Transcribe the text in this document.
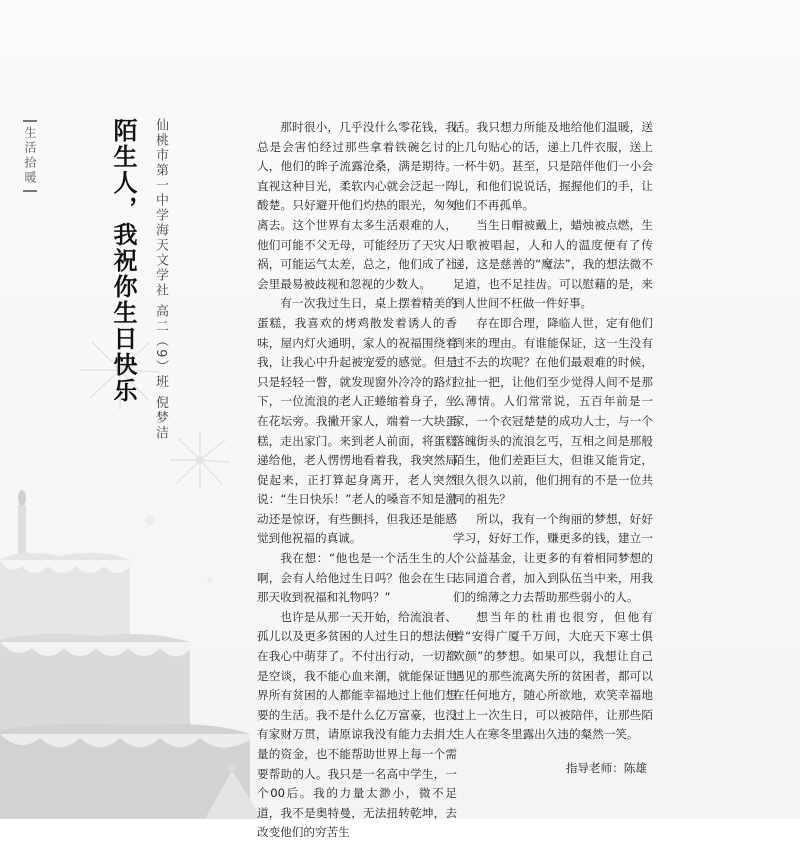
生活拾暖	陌生人，我祝你生日快乐 仙桃市第一中学海天文学社 高二（9）班 倪梦洁	那时很小，几乎没什么零花钱，我总是会害怕经过那些拿着铁碗乞讨的人，他们的眸子流露沧桑，满是期待。直视这种目光，柔软内心就会泛起一阵酸楚。只好避开他们灼热的眼光，匆匆离去。这个世界有太多生活艰难的人，他们可能不父无母，可能经历了天灾人祸，可能运气太差，总之，他们成了社会里最易被歧视和忽视的少数人。

有一次我过生日，桌上摆着精美的蛋糕，我喜欢的烤鸡散发着诱人的香味，屋内灯火通明，家人的祝福围绕着我，让我心中升起被宠爱的感觉。但是只是轻轻一瞥，就发现窗外冷冷的路灯下，一位流浪的老人正蜷缩着身子，坐在花坛旁。我撇开家人，端着一大块蛋糕，走出家门。来到老人前面，将蛋糕递给他，老人愣愣地看着我，我突然局促起来，正打算起身离开，老人突然说：“生日快乐！”老人的嗓音不知是激动还是惊讶，有些颤抖，但我还是能感觉到他祝福的真诚。

我在想：“他也是一个活生生的人啊，会有人给他过生日吗？他会在生日那天收到祝福和礼物吗？”

也许是从那一天开始，给流浪者、孤儿以及更多贫困的人过生日的想法便在我心中萌芽了。不付出行动，一切都是空谈，我不能心血来潮，就能保证世界所有贫困的人都能幸福地过上他们想要的生活。我不是什么亿万富豪，也没有家财万贯，请原谅我没有能力去捐大量的资金，也不能帮助世界上每一个需要帮助的人。我只是一名高中学生，一个00后。我的力量太渺小，微不足道，我不是奥特曼，无法扭转乾坤，去改变他们的穷苦生

活。我只想力所能及地给他们温暖，送上几句贴心的话，递上几件衣服，送上一杯牛奶。甚至，只是陪伴他们一小会儿，和他们说说话，握握他们的手，让他们不再孤单。

当生日帽被戴上，蜡烛被点燃，生日歌被唱起，人和人的温度便有了传递，这是慈善的“魔法”，我的想法微不足道，也不足挂齿。可以慰藉的是，来到人世间不枉做一件好事。

存在即合理，降临人世，定有他们到来的理由。有谁能保证，这一生没有过不去的坎呢？在他们最艰难的时候，拉扯一把，让他们至少觉得人间不是那么薄情。人们常常说，五百年前是一家，一个衣冠楚楚的成功人士，与一个落魄街头的流浪乞丐，互相之间是那般陌生，他们差距巨大，但谁又能肯定，很久很久以前，他们拥有的不是一位共同的祖先？

所以，我有一个绚丽的梦想，好好学习，好好工作，赚更多的钱，建立一个公益基金，让更多的有着相同梦想的志同道合者，加入到队伍当中来，用我们的绵薄之力去帮助那些弱小的人。

想当年的杜甫也很穷，但他有着“安得广厦千万间，大庇天下寒士俱欢颜”的梦想。如果可以，我想让自己遇见的那些流离失所的贫困者，都可以在任何地方，随心所欲地，欢笑幸福地过上一次生日，可以被陪伴，让那些陌生人在寒冬里露出久违的粲然一笑。

指导老师：陈雄
